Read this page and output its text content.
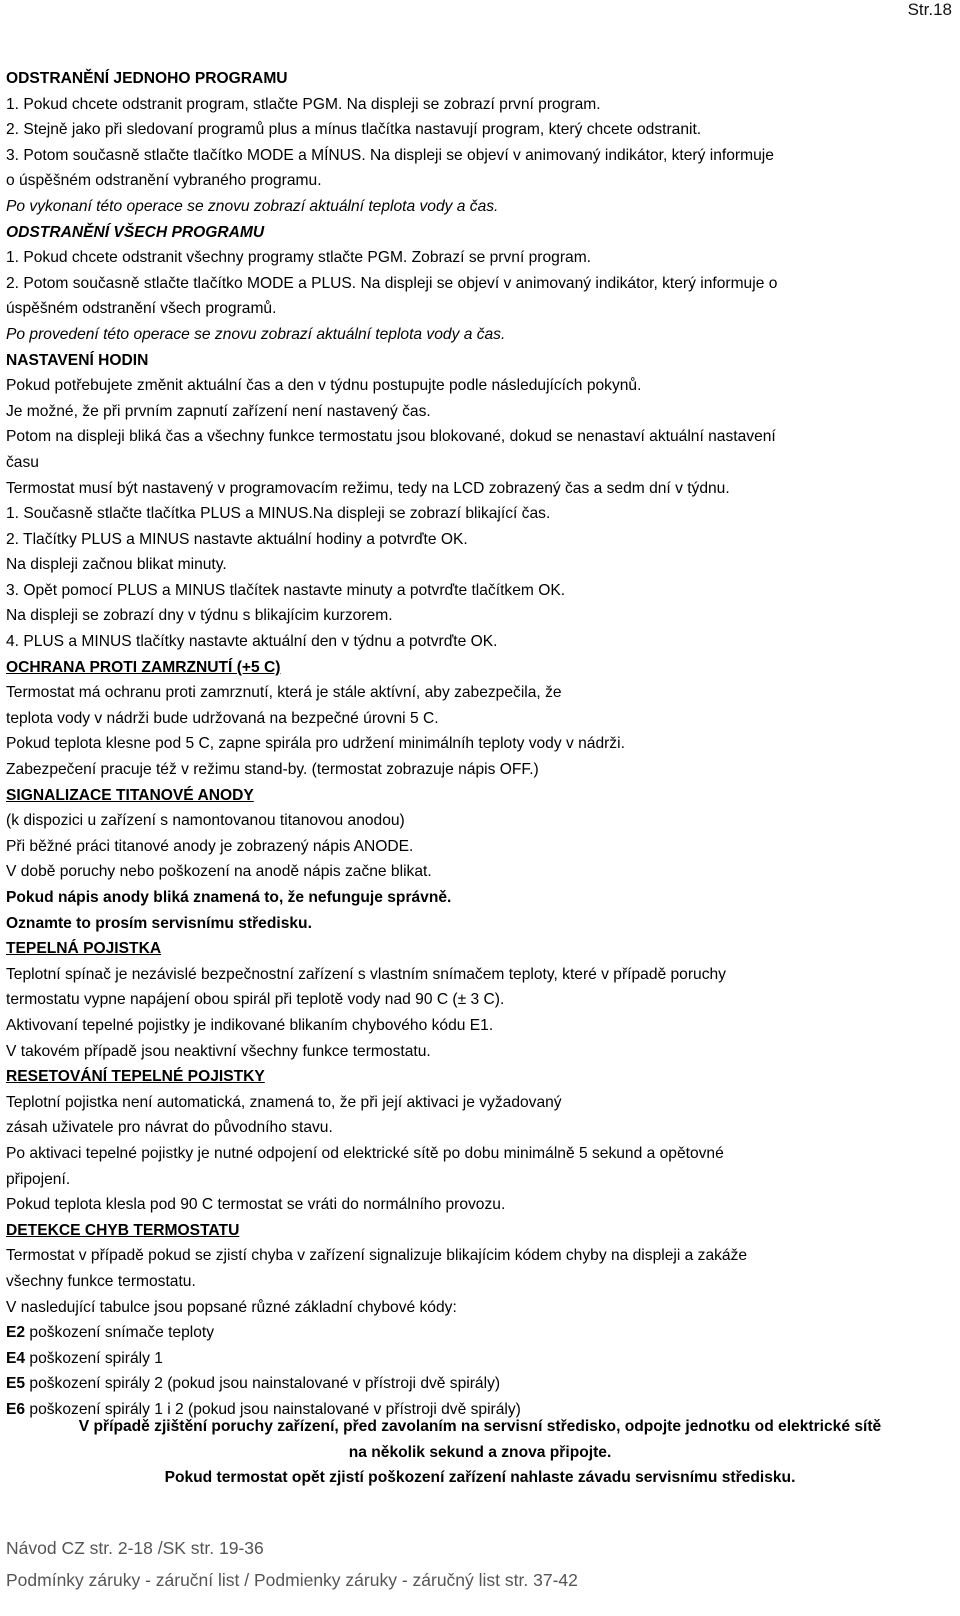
Str.18
ODSTRANĚNÍ JEDNOHO PROGRAMU
1. Pokud chcete odstranit program, stlačte PGM. Na displeji se zobrazí první program.
2. Stejně jako při sledovaní programů plus a mínus tlačítka nastavují program, který chcete odstranit.
3. Potom současně stlačte tlačítko MODE a MÍNUS. Na displeji se objeví v animovaný indikátor, který informuje
o úspěšném odstranění vybraného programu.
Po vykonaní této operace se znovu zobrazí aktuální teplota vody a čas.
ODSTRANĚNÍ VŠECH PROGRAMU
1. Pokud chcete odstranit všechny programy stlačte PGM. Zobrazí se první program.
2. Potom současně stlačte tlačítko MODE a PLUS. Na displeji se objeví v animovaný indikátor, který informuje o
úspěšném odstranění všech programů.
Po provedení této operace se znovu zobrazí aktuální teplota vody a čas.
NASTAVENÍ HODIN
Pokud potřebujete změnit aktuální čas a den v týdnu postupujte podle následujících pokynů.
Je možné, že při prvním zapnutí zařízení není nastavený čas.
Potom na displeji bliká čas a všechny funkce termostatu jsou blokované, dokud se nenastaví aktuální nastavení
času
Termostat musí být nastavený v programovacím režimu, tedy na LCD zobrazený čas a sedm dní v týdnu.
1. Současně stlačte tlačítka PLUS a MINUS.Na displeji se zobrazí blikající čas.
2. Tlačítky PLUS a MINUS nastavte aktuální hodiny a potvrďte OK.
Na displeji začnou blikat minuty.
3. Opět pomocí PLUS a MINUS tlačítek nastavte minuty a potvrďte tlačítkem OK.
Na displeji se zobrazí dny v týdnu s blikajícim kurzorem.
4. PLUS a MINUS tlačítky nastavte aktuální den v týdnu a potvrďte OK.
OCHRANA PROTI ZAMRZNUTÍ (+5 C)
Termostat má ochranu proti zamrznutí, která je stále aktívní, aby zabezpečila, že
teplota vody v nádrži bude udržovaná na bezpečné úrovni 5 C.
Pokud teplota klesne pod 5 C, zapne spirála pro udržení minimálníh teploty vody v nádrži.
Zabezpečení pracuje též v režimu stand-by. (termostat zobrazuje nápis OFF.)
SIGNALIZACE TITANOVÉ ANODY
(k dispozici u zařízení s namontovanou titanovou anodou)
Při běžné práci titanové anody je zobrazený nápis ANODE.
V době poruchy nebo poškození na anodě nápis začne blikat.
Pokud nápis anody bliká znamená to, že nefunguje správně.
Oznamte to prosím servisnímu středisku.
TEPELNÁ POJISTKA
Teplotní spínač je nezávislé bezpečnostní zařízení s vlastním snímačem teploty, které v případě poruchy
termostatu vypne napájení obou spirál při teplotě vody nad 90 C (± 3 C).
Aktivovaní tepelné pojistky je indikované blikaním chybového kódu E1.
V takovém případě jsou neaktivní všechny funkce termostatu.
RESETOVÁNÍ TEPELNÉ POJISTKY
Teplotní pojistka není automatická, znamená to, že při její aktivaci je vyžadovaný
zásah uživatele pro návrat do původního stavu.
Po aktivaci tepelné pojistky je nutné odpojení od elektrické sítě po dobu minimálně 5 sekund a opětovné
připojení.
Pokud teplota klesla pod 90 C termostat se vráti do normálního provozu.
DETEKCE CHYB TERMOSTATU
Termostat v případě pokud se zjistí chyba v zařízení signalizuje blikajícim kódem chyby na displeji a zakáže
všechny funkce termostatu.
V nasledující tabulce jsou popsané různé základní chybové kódy:
E2 poškození snímače teploty
E4 poškození spirály 1
E5 poškození spirály 2 (pokud jsou nainstalované v přístroji dvě spirály)
E6 poškození spirály 1 i 2 (pokud jsou nainstalované v přístroji dvě spirály)
V případě zjištění poruchy zařízení, před zavolaním na servisní středisko, odpojte jednotku od elektrické sítě
na několik sekund a znova připojte.
Pokud termostat opět zjistí poškození zařízení nahlaste závadu servisnímu středisku.
Návod CZ str. 2-18 /SK str. 19-36
Podmínky záruky - záruční list / Podmienky záruky - záručný list str. 37-42
